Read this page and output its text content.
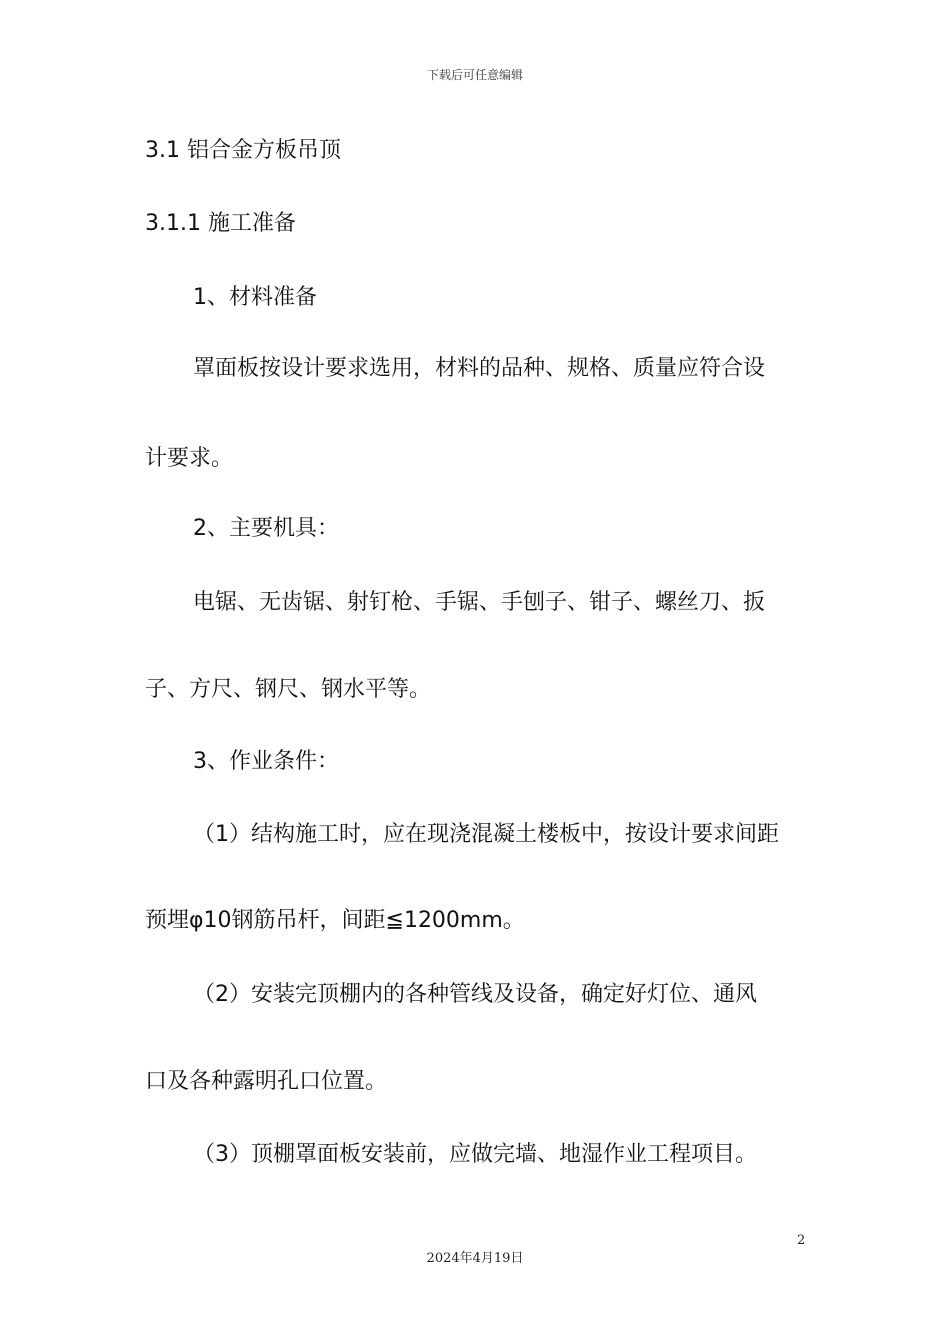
下载后可任意编辑
3.1 铝合金方板吊顶
3.1.1 施工准备
1、材料准备
罩面板按设计要求选用，材料的品种、规格、质量应符合设
计要求。
2、主要机具：
电锯、无齿锯、射钉枪、手锯、手刨子、钳子、螺丝刀、扳
子、方尺、钢尺、钢水平等。
3、作业条件：
（1）结构施工时，应在现浇混凝土楼板中，按设计要求间距
预埋φ10钢筋吊杆，间距≦1200mm。
（2）安装完顶棚内的各种管线及设备，确定好灯位、通风
口及各种露明孔口位置。
（3）顶棚罩面板安装前，应做完墙、地湿作业工程项目。
2
2024年4月19日
